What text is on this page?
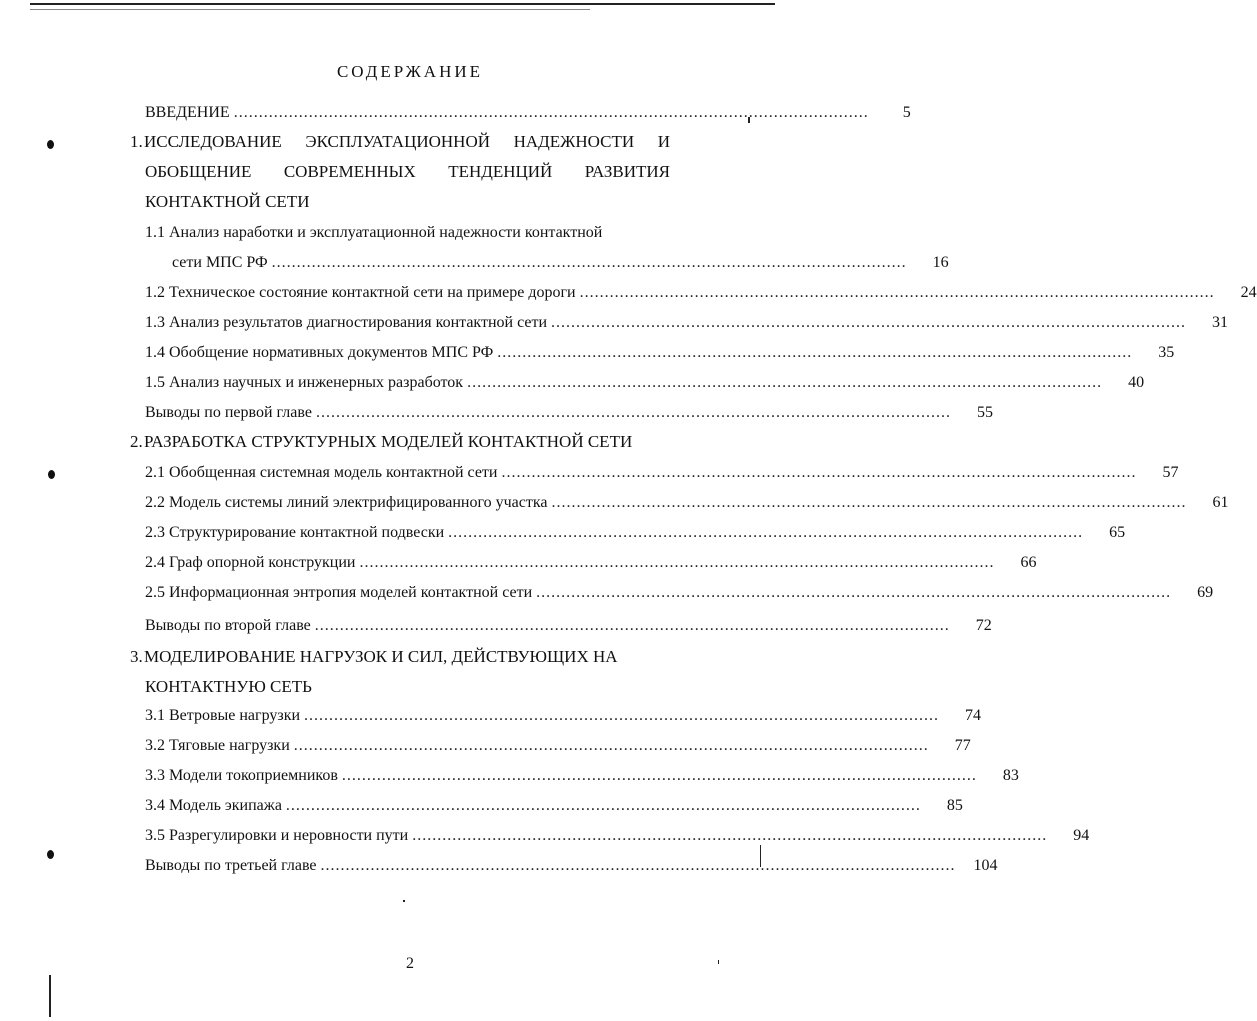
СОДЕРЖАНИЕ
ВВЕДЕНИЕ ...............................................................................................................................	5
1.ИССЛЕДОВАНИЕ ЭКСПЛУАТАЦИОННОЙ НАДЕЖНОСТИ И
ОБОБЩЕНИЕ СОВРЕМЕННЫХ ТЕНДЕНЦИЙ РАЗВИТИЯ
КОНТАКТНОЙ СЕТИ
1.1 Анализ наработки и эксплуатационной надежности контактной
сети МПС РФ ...............................................................................................................................	16
1.2 Техническое состояние контактной сети на примере дороги ...............................................................................................................................	24
1.3 Анализ результатов диагностирования контактной сети ...............................................................................................................................	31
1.4 Обобщение нормативных документов МПС РФ ...............................................................................................................................	35
1.5 Анализ научных и инженерных разработок ...............................................................................................................................	40
Выводы по первой главе ...............................................................................................................................	55
2.РАЗРАБОТКА СТРУКТУРНЫХ МОДЕЛЕЙ КОНТАКТНОЙ СЕТИ
2.1 Обобщенная системная модель контактной сети ...............................................................................................................................	57
2.2 Модель системы линий электрифицированного участка ...............................................................................................................................	61
2.3 Структурирование контактной подвески ...............................................................................................................................	65
2.4 Граф опорной конструкции ...............................................................................................................................	66
2.5 Информационная энтропия моделей контактной сети ...............................................................................................................................	69
Выводы по второй главе ...............................................................................................................................	72
3.МОДЕЛИРОВАНИЕ НАГРУЗОК И СИЛ, ДЕЙСТВУЮЩИХ НА
КОНТАКТНУЮ СЕТЬ
3.1 Ветровые нагрузки ...............................................................................................................................	74
3.2 Тяговые нагрузки ...............................................................................................................................	77
3.3 Модели токоприемников ...............................................................................................................................	83
3.4 Модель экипажа ...............................................................................................................................	85
3.5 Разрегулировки и неровности пути ...............................................................................................................................	94
Выводы по третьей главе ...............................................................................................................................	104
2
